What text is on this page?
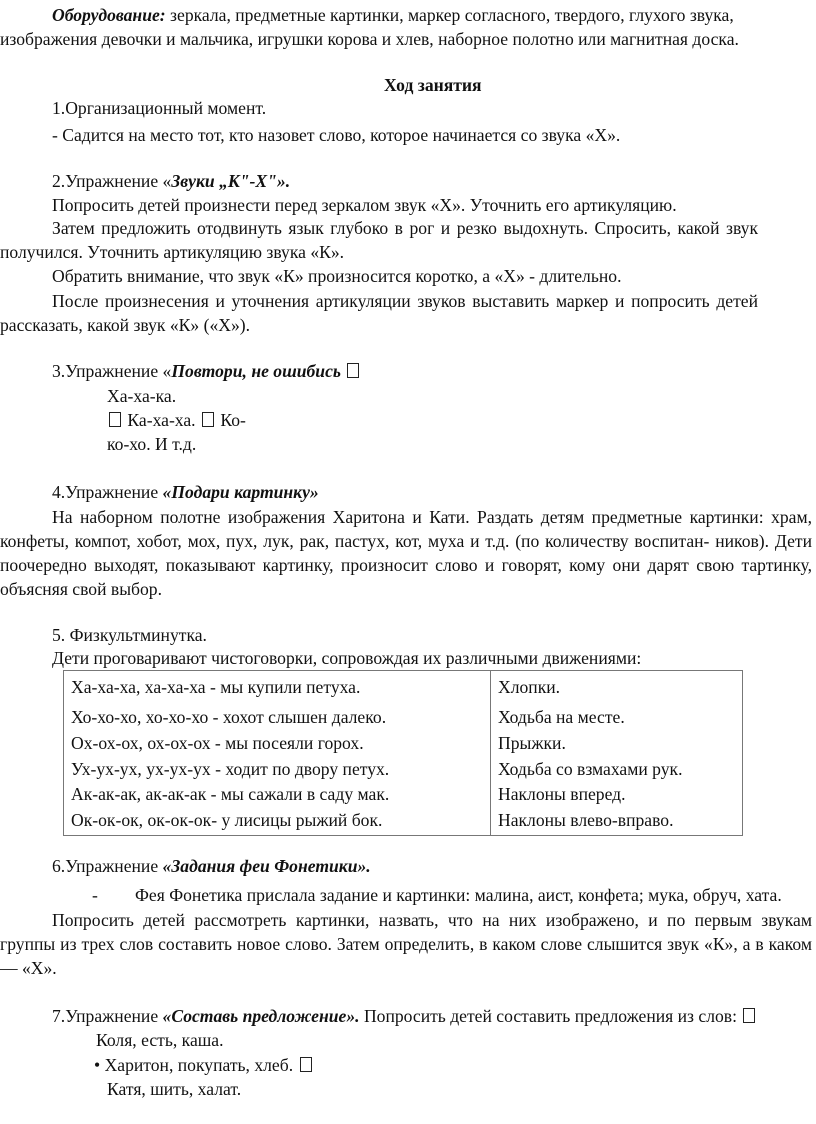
Оборудование: зеркала, предметные картинки, маркер согласного, твердого, глухого звука,
изображения девочки и мальчика, игрушки корова и хлев, наборное полотно или магнитная доска.
Ход занятия
1.Организационный момент.
- Садится на место тот, кто назовет слово, которое начинается со звука «Х».
2.Упражнение «Звуки „К"-Х"».
Попросить детей произнести перед зеркалом звук «Х». Уточнить его артикуляцию.
Затем предложить отодвинуть язык глубоко в рог и резко выдохнуть. Спросить, какой звук
получился. Уточнить артикуляцию звука «К».
Обратить внимание, что звук «К» произносится коротко, а «Х» - длительно.
После произнесения и уточнения артикуляции звуков выставить маркер и попросить детей
рассказать, какой звук «К» («Х»).
3.Упражнение «Повтори, не ошибись
Ха-ха-ка.
Ка-ха-ха. Ко-
ко-хо. И т.д.
4.Упражнение «Подари картинку»
На наборном полотне изображения Харитона и Кати. Раздать детям предметные картинки: храм,
конфеты, компот, хобот, мох, пух, лук, рак, пастух, кот, муха и т.д. (по количеству воспитан- ников). Дети
поочередно выходят, показывают картинку, произносит слово и говорят, кому они дарят свою тартинку,
объясняя свой выбор.
5. Физкультминутка.
Дети проговаривают чистоговорки, сопровождая их различными движениями:
Ха-ха-ха, ха-ха-ха - мы купили петуха.	Хлопки.
Хо-хо-хо, хо-хо-хо - хохот слышен далеко.	Ходьба на месте.
Ох-ох-ох, ох-ох-ох - мы посеяли горох.	Прыжки.
Ух-ух-ух, ух-ух-ух - ходит по двору петух.	Ходьба со взмахами рук.
Ак-ак-ак, ак-ак-ак - мы сажали в саду мак.	Наклоны вперед.
Ок-ок-ок, ок-ок-ок- у лисицы рыжий бок.	Наклоны влево-вправо.
6.Упражнение «Задания феи Фонетики».
- Фея Фонетика прислала задание и картинки: малина, аист, конфета; мука, обруч, хата.
Попросить детей рассмотреть картинки, назвать, что на них изображено, и по первым звукам
группы из трех слов составить новое слово. Затем определить, в каком слове слышится звук «К», а в каком
— «Х».
7.Упражнение «Составь предложение». Попросить детей составить предложения из слов:
Коля, есть, каша.
• Харитон, покупать, хлеб.
Катя, шить, халат.
